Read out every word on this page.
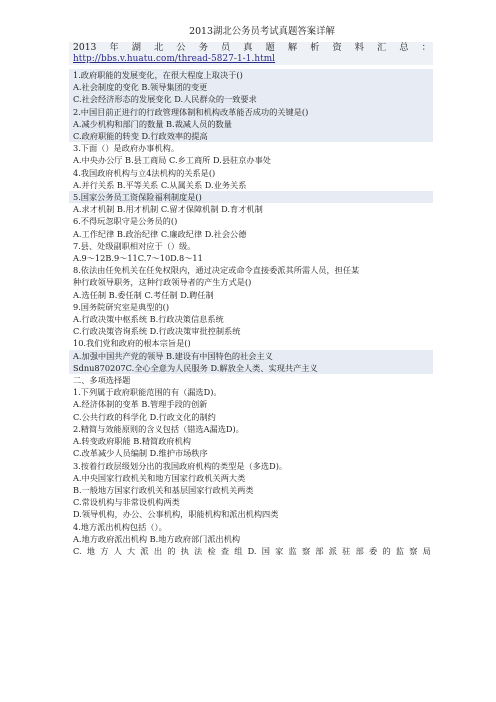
2013湖北公务员考试真题答案详解
2013 年 湖 北 公 务 员 真 题 解 析 资 料 汇 总 ：
http://bbs.v.huatu.com/thread-5827-1-1.html
1.政府职能的发展变化，在很大程度上取决于()
A.社会制度的变化 B.领导集团的变更
C.社会经济形态的发展变化 D.人民群众的一致要求
2.中国目前正进行的行政管理体制和机构改革能否成功的关键是()
A.减少机构和部门的数量 B.裁减人员的数量
C.政府职能的转变 D.行政效率的提高
3.下面（）是政府办事机构。
A.中央办公厅 B.县工商局 C.乡工商所 D.县驻京办事处
4.我国政府机构与立4法机构的关系是()
A.并行关系 B.平等关系 C.从属关系 D.业务关系
5.国家公务员工资保险福利制度是()
A.求才机制 B.用才机制 C.留才保障机制 D.育才机制
6.不得玩忽职守是公务员的()
A.工作纪律 B.政治纪律 C.廉政纪律 D.社会公德
7.县、处级副职相对应于（）级。
A.9～12B.9～11C.7～10D.8～11
8.依法由任免机关在任免权限内，通过决定或命令直接委派其所需人员，担任某
种行政领导职务，这种行政领导者的产生方式是()
A.选任制 B.委任制 C.考任制 D.聘任制
9.国务院研究室是典型的()
A.行政决策中枢系统 B.行政决策信息系统
C.行政决策咨询系统 D.行政决策审批控制系统
10.我们党和政府的根本宗旨是()
A.加强中国共产党的领导 B.建设有中国特色的社会主义
Sdnu870207C.全心全意为人民服务 D.解放全人类、实现共产主义
二、多项选择题
1.下列属于政府职能范围的有（漏选D)。
A.经济体制的变革 B.管理手段的创新
C.公共行政的科学化 D.行政文化的制约
2.精简与效能原则的含义包括（错选A漏选D)。
A.转变政府职能 B.精简政府机构
C.改革减少人员编制 D.维护市场秩序
3.按着行政层级划分出的我国政府机构的类型是（多选D)。
A.中央国家行政机关和地方国家行政机关两大类
B.一般地方国家行政机关和基层国家行政机关两类
C.常设机构与非常设机构两类
D.领导机构，办公、公事机构，职能机构和派出机构四类
4.地方派出机构包括（）。
A.地方政府派出机构 B.地方政府部门派出机构
C. 地 方 人 大 派 出 的 执 法 检 查 组 D. 国 家 监 察 部 派 驻 部 委 的 监 察 局
